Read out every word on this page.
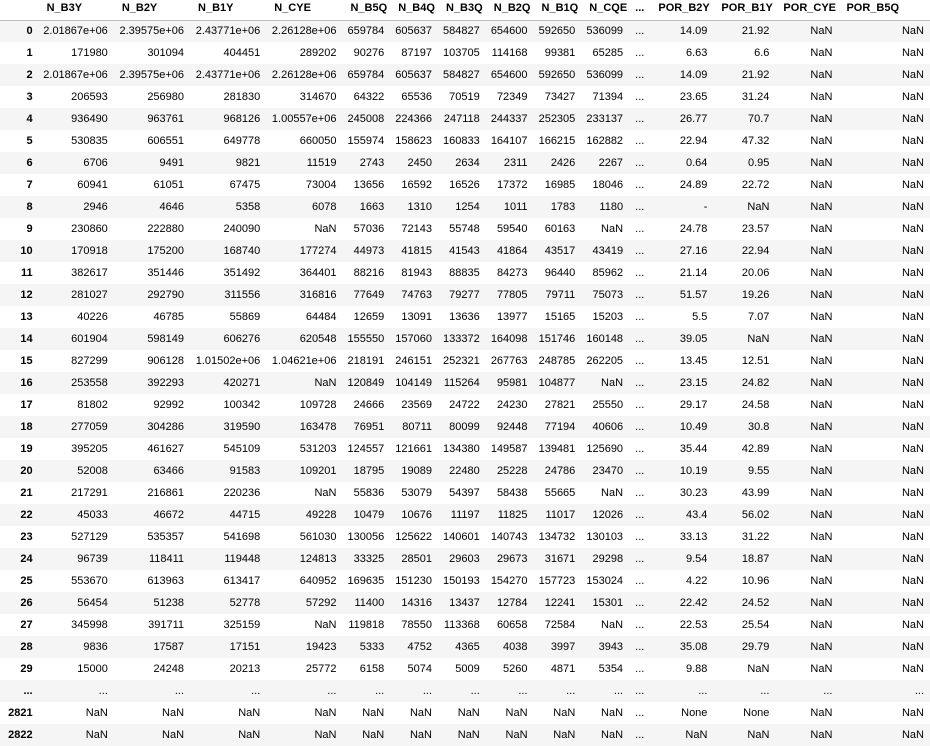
	N_B3Y	N_B2Y	N_B1Y	N_CYE	N_B5Q	N_B4Q	N_B3Q	N_B2Q	N_B1Q	N_CQE	...	POR_B2Y	POR_B1Y	POR_CYE	POR_B5Q
0	2.01867e+06	2.39575e+06	2.43771e+06	2.26128e+06	659784	605637	584827	654600	592650	536099	...	14.09	21.92	NaN	NaN
1	171980	301094	404451	289202	90276	87197	103705	114168	99381	65285	...	6.63	6.6	NaN	NaN
2	2.01867e+06	2.39575e+06	2.43771e+06	2.26128e+06	659784	605637	584827	654600	592650	536099	...	14.09	21.92	NaN	NaN
3	206593	256980	281830	314670	64322	65536	70519	72349	73427	71394	...	23.65	31.24	NaN	NaN
4	936490	963761	968126	1.00557e+06	245008	224366	247118	244337	252305	233137	...	26.77	70.7	NaN	NaN
5	530835	606551	649778	660050	155974	158623	160833	164107	166215	162882	...	22.94	47.32	NaN	NaN
6	6706	9491	9821	11519	2743	2450	2634	2311	2426	2267	...	0.64	0.95	NaN	NaN
7	60941	61051	67475	73004	13656	16592	16526	17372	16985	18046	...	24.89	22.72	NaN	NaN
8	2946	4646	5358	6078	1663	1310	1254	1011	1783	1180	...	-	NaN	NaN	NaN
9	230860	222880	240090	NaN	57036	72143	55748	59540	60163	NaN	...	24.78	23.57	NaN	NaN
10	170918	175200	168740	177274	44973	41815	41543	41864	43517	43419	...	27.16	22.94	NaN	NaN
11	382617	351446	351492	364401	88216	81943	88835	84273	96440	85962	...	21.14	20.06	NaN	NaN
12	281027	292790	311556	316816	77649	74763	79277	77805	79711	75073	...	51.57	19.26	NaN	NaN
13	40226	46785	55869	64484	12659	13091	13636	13977	15165	15203	...	5.5	7.07	NaN	NaN
14	601904	598149	606276	620548	155550	157060	133372	164098	151746	160148	...	39.05	NaN	NaN	NaN
15	827299	906128	1.01502e+06	1.04621e+06	218191	246151	252321	267763	248785	262205	...	13.45	12.51	NaN	NaN
16	253558	392293	420271	NaN	120849	104149	115264	95981	104877	NaN	...	23.15	24.82	NaN	NaN
17	81802	92992	100342	109728	24666	23569	24722	24230	27821	25550	...	29.17	24.58	NaN	NaN
18	277059	304286	319590	163478	76951	80711	80099	92448	77194	40606	...	10.49	30.8	NaN	NaN
19	395205	461627	545109	531203	124557	121661	134380	149587	139481	125690	...	35.44	42.89	NaN	NaN
20	52008	63466	91583	109201	18795	19089	22480	25228	24786	23470	...	10.19	9.55	NaN	NaN
21	217291	216861	220236	NaN	55836	53079	54397	58438	55665	NaN	...	30.23	43.99	NaN	NaN
22	45033	46672	44715	49228	10479	10676	11197	11825	11017	12026	...	43.4	56.02	NaN	NaN
23	527129	535357	541698	561030	130056	125622	140601	140743	134732	130103	...	33.13	31.22	NaN	NaN
24	96739	118411	119448	124813	33325	28501	29603	29673	31671	29298	...	9.54	18.87	NaN	NaN
25	553670	613963	613417	640952	169635	151230	150193	154270	157723	153024	...	4.22	10.96	NaN	NaN
26	56454	51238	52778	57292	11400	14316	13437	12784	12241	15301	...	22.42	24.52	NaN	NaN
27	345998	391711	325159	NaN	119818	78550	113368	60658	72584	NaN	...	22.53	25.54	NaN	NaN
28	9836	17587	17151	19423	5333	4752	4365	4038	3997	3943	...	35.08	29.79	NaN	NaN
29	15000	24248	20213	25772	6158	5074	5009	5260	4871	5354	...	9.88	NaN	NaN	NaN
...	...	...	...	...	...	...	...	...	...	...	...	...	...	...	...
2821	NaN	NaN	NaN	NaN	NaN	NaN	NaN	NaN	NaN	NaN	...	None	None	NaN	NaN
2822	NaN	NaN	NaN	NaN	NaN	NaN	NaN	NaN	NaN	NaN	...	NaN	NaN	NaN	NaN
